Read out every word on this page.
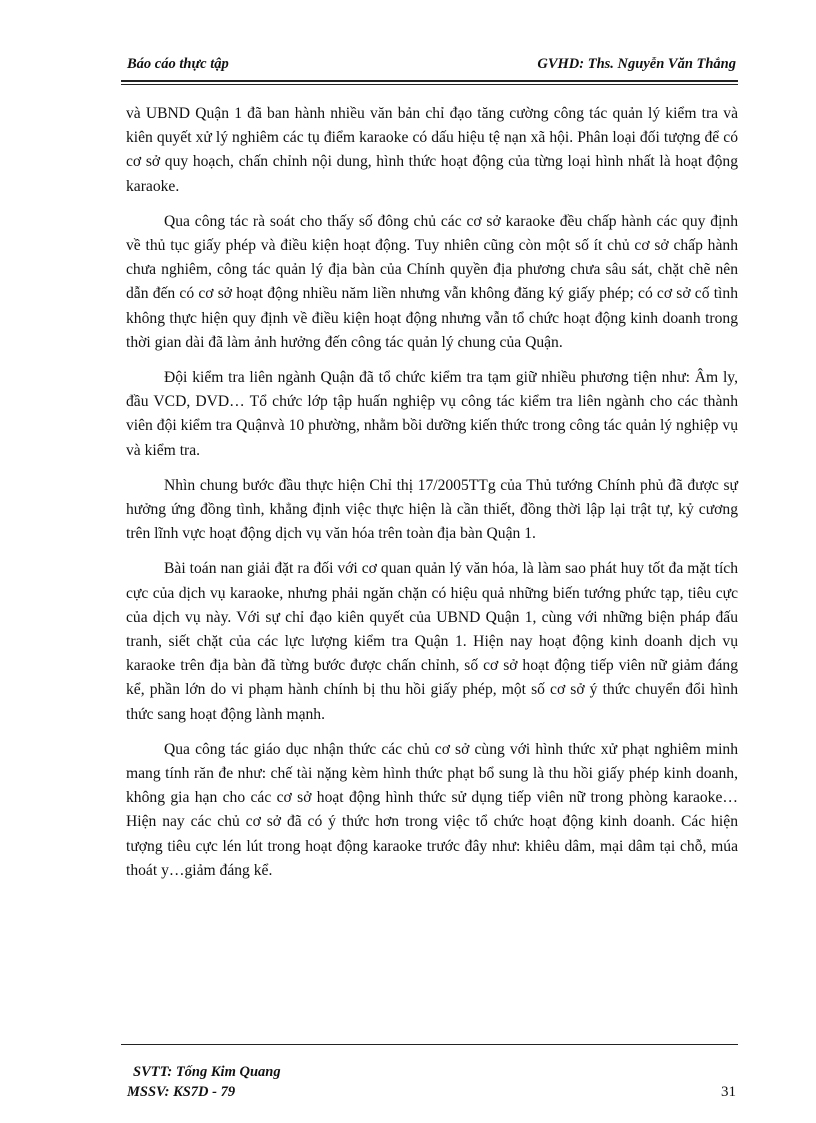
Báo cáo thực tập	GVHD: Ths. Nguyễn Văn Thắng

và UBND Quận 1 đã ban hành nhiều văn bản chỉ đạo tăng cường công tác quản lý kiểm tra và kiên quyết xử lý nghiêm các tụ điểm karaoke có dấu hiệu tệ nạn xã hội. Phân loại đối tượng để có cơ sở quy hoạch, chấn chỉnh nội dung, hình thức hoạt động của từng loại hình nhất là hoạt động karaoke.

Qua công tác rà soát cho thấy số đông chủ các cơ sở karaoke đều chấp hành các quy định về thủ tục giấy phép và điều kiện hoạt động. Tuy nhiên cũng còn một số ít chủ cơ sở chấp hành chưa nghiêm, công tác quản lý địa bàn của Chính quyền địa phương chưa sâu sát, chặt chẽ nên dẫn đến có cơ sở hoạt động nhiều năm liền nhưng vẫn không đăng ký giấy phép; có cơ sở cố tình không thực hiện quy định về điều kiện hoạt động nhưng vẫn tổ chức hoạt động kinh doanh trong thời gian dài đã làm ảnh hưởng đến công tác quản lý chung của Quận.

Đội kiểm tra liên ngành Quận đã tổ chức kiểm tra tạm giữ nhiều phương tiện như: Âm ly, đầu VCD, DVD… Tổ chức lớp tập huấn nghiệp vụ công tác kiểm tra liên ngành cho các thành viên đội kiểm tra Quậnvà 10 phường, nhằm bồi dưỡng kiến thức trong công tác quản lý nghiệp vụ và kiểm tra.

Nhìn chung bước đầu thực hiện Chỉ thị 17/2005TTg của Thủ tướng Chính phủ đã được sự hưởng ứng đồng tình, khẳng định việc thực hiện là cần thiết, đồng thời lập lại trật tự, kỷ cương trên lĩnh vực hoạt động dịch vụ văn hóa trên toàn địa bàn Quận 1.

Bài toán nan giải đặt ra đối với cơ quan quản lý văn hóa, là làm sao phát huy tốt đa mặt tích cực của dịch vụ karaoke, nhưng phải ngăn chặn có hiệu quả những biến tướng phức tạp, tiêu cực của dịch vụ này. Với sự chỉ đạo kiên quyết của UBND Quận 1, cùng với những biện pháp đấu tranh, siết chặt của các lực lượng kiểm tra Quận 1. Hiện nay hoạt động kinh doanh dịch vụ karaoke trên địa bàn đã từng bước được chấn chỉnh, số cơ sở hoạt động tiếp viên nữ giảm đáng kể, phần lớn do vi phạm hành chính bị thu hồi giấy phép, một số cơ sở ý thức chuyển đổi hình thức sang hoạt động lành mạnh.

Qua công tác giáo dục nhận thức các chủ cơ sở cùng với hình thức xử phạt nghiêm minh mang tính răn đe như: chế tài nặng kèm hình thức phạt bổ sung là thu hồi giấy phép kinh doanh, không gia hạn cho các cơ sở hoạt động hình thức sử dụng tiếp viên nữ trong phòng karaoke… Hiện nay các chủ cơ sở đã có ý thức hơn trong việc tổ chức hoạt động kinh doanh. Các hiện tượng tiêu cực lén lút trong hoạt động karaoke trước đây như: khiêu dâm, mại dâm tại chỗ, múa thoát y…giảm đáng kể.

SVTT: Tống Kim Quang
MSSV: KS7D - 79	31
